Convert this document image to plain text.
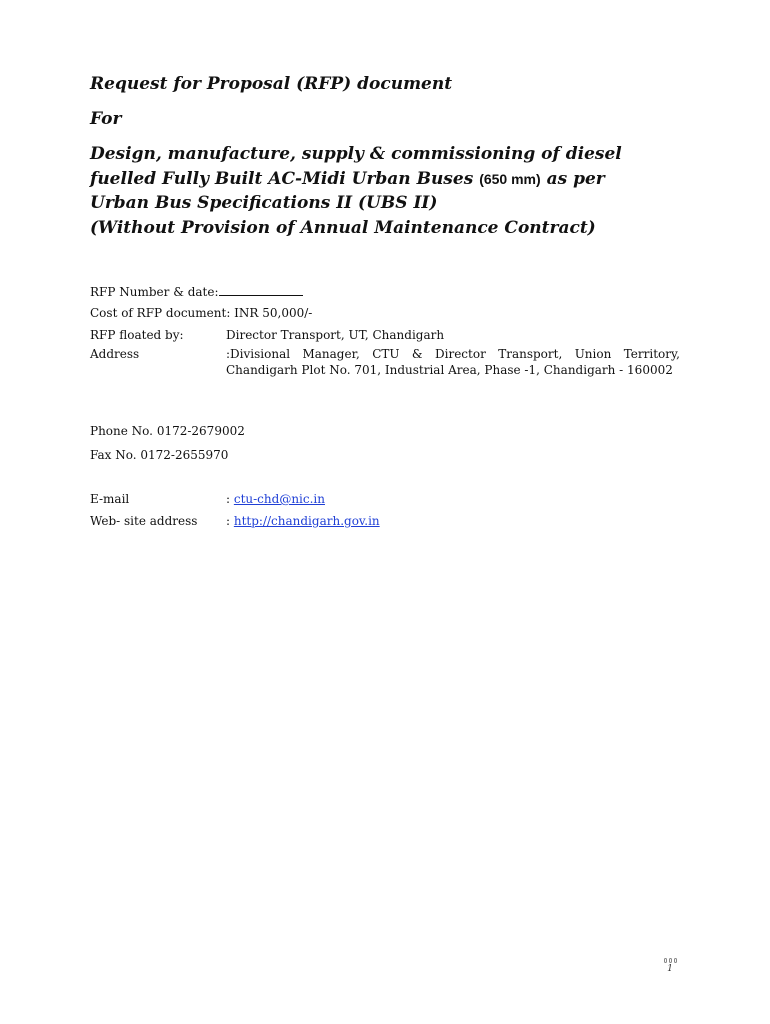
Request for Proposal (RFP) document
For
Design, manufacture, supply & commissioning of diesel
fuelled Fully Built AC-Midi Urban Buses (650 mm) as per
Urban Bus Specifications II (UBS II)
(Without Provision of Annual Maintenance Contract)
RFP Number & date:
Cost of RFP document: INR 50,000/-
RFP floated by:	Director Transport, UT, Chandigarh
Address	:Divisional Manager, CTU & Director Transport, Union Territory, Chandigarh Plot No. 701, Industrial Area, Phase -1, Chandigarh - 160002
Phone No. 0172-2679002
Fax No. 0172-2655970
E-mail	: ctu-chd@nic.in
Web- site address : http://chandigarh.gov.in
1
